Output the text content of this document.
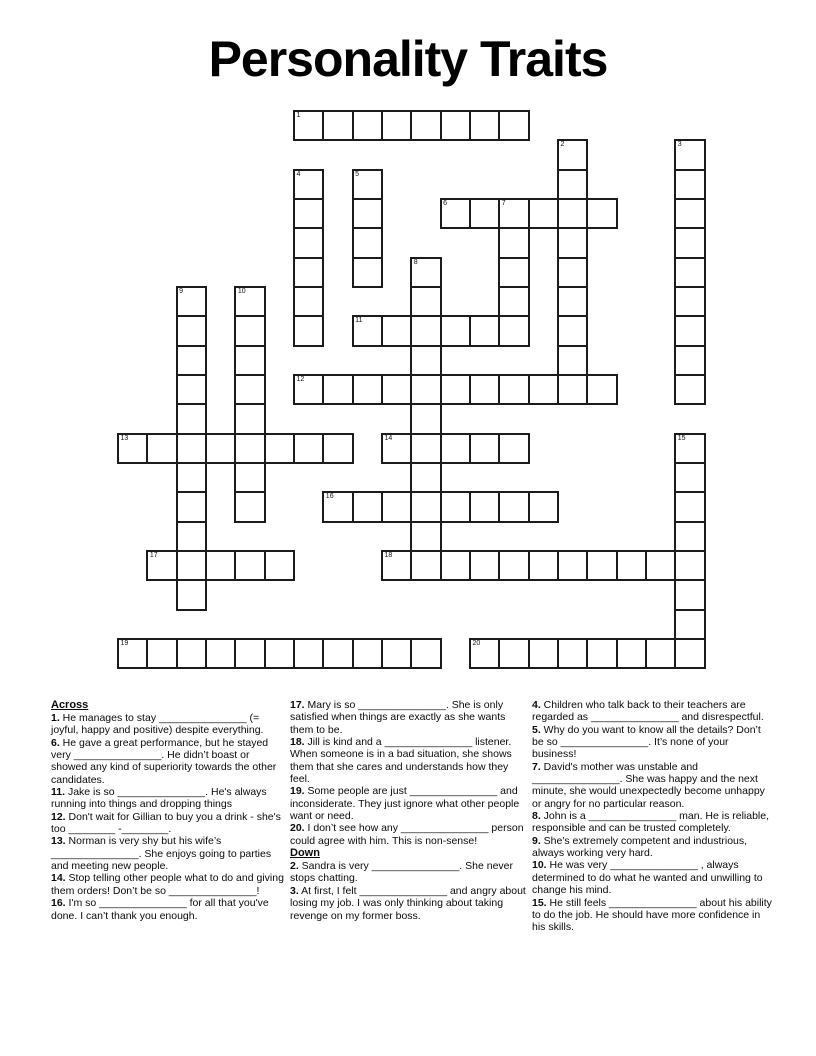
Personality Traits
1
2	3
4	5
6	7
8
9	10
11
12
13	14	15
16
17	18
19	20
Across

1. He manages to stay _______________ (= joyful, happy and positive) despite everything.

6. He gave a great performance, but he stayed very _______________. He didn’t boast or showed any kind of superiority towards the other candidates.

11. Jake is so _______________. He's always running into things and dropping things

12. Don't wait for Gillian to buy you a drink - she's too ________ -________.

13. Norman is very shy but his wife’s _______________. She enjoys going to parties and meeting new people.

14. Stop telling other people what to do and giving them orders! Don’t be so _______________!

16. I'm so _______________ for all that you've done. I can’t thank you enough.

17. Mary is so _______________. She is only satisfied when things are exactly as she wants them to be.

18. Jill is kind and a _______________ listener. When someone is in a bad situation, she shows them that she cares and understands how they feel.

19. Some people are just _______________ and inconsiderate. They just ignore what other people want or need.

20. I don’t see how any _______________ person could agree with him. This is non-sense!

Down

2. Sandra is very _______________. She never stops chatting.

3. At first, I felt _______________ and angry about losing my job. I was only thinking about taking revenge on my former boss.

4. Children who talk back to their teachers are regarded as _______________ and disrespectful.

5. Why do you want to know all the details? Don’t be so _______________. It’s none of your business!

7. David's mother was unstable and _______________. She was happy and the next minute, she would unexpectedly become unhappy or angry for no particular reason.

8. John is a _______________ man. He is reliable, responsible and can be trusted completely.

9. She's extremely competent and industrious, always working very hard.

10. He was very _______________ , always determined to do what he wanted and unwilling to change his mind.

15. He still feels _______________ about his ability to do the job. He should have more confidence in his skills.
